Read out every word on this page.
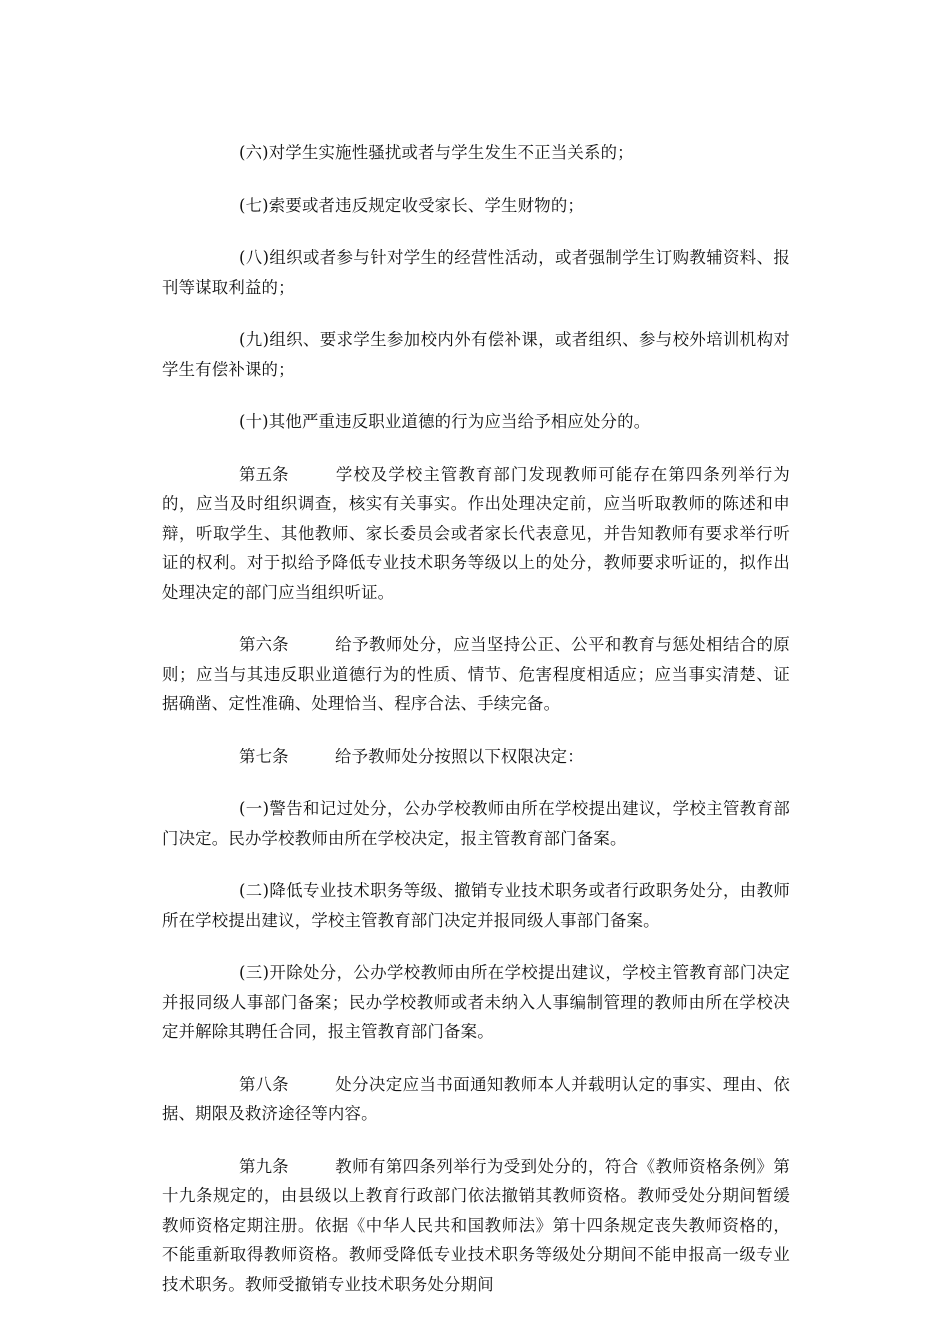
(六)对学生实施性骚扰或者与学生发生不正当关系的；

(七)索要或者违反规定收受家长、学生财物的；

(八)组织或者参与针对学生的经营性活动，或者强制学生订购教辅资料、报刊等谋取利益的；

(九)组织、要求学生参加校内外有偿补课，或者组织、参与校外培训机构对学生有偿补课的；

(十)其他严重违反职业道德的行为应当给予相应处分的。

第五条	学校及学校主管教育部门发现教师可能存在第四条列举行为的，应当及时组织调查，核实有关事实。作出处理决定前，应当听取教师的陈述和申辩，听取学生、其他教师、家长委员会或者家长代表意见，并告知教师有要求举行听证的权利。对于拟给予降低专业技术职务等级以上的处分，教师要求听证的，拟作出处理决定的部门应当组织听证。

第六条	给予教师处分，应当坚持公正、公平和教育与惩处相结合的原则；应当与其违反职业道德行为的性质、情节、危害程度相适应；应当事实清楚、证据确凿、定性准确、处理恰当、程序合法、手续完备。

第七条	给予教师处分按照以下权限决定：

(一)警告和记过处分，公办学校教师由所在学校提出建议，学校主管教育部门决定。民办学校教师由所在学校决定，报主管教育部门备案。

(二)降低专业技术职务等级、撤销专业技术职务或者行政职务处分，由教师所在学校提出建议，学校主管教育部门决定并报同级人事部门备案。

(三)开除处分，公办学校教师由所在学校提出建议，学校主管教育部门决定并报同级人事部门备案；民办学校教师或者未纳入人事编制管理的教师由所在学校决定并解除其聘任合同，报主管教育部门备案。

第八条	处分决定应当书面通知教师本人并载明认定的事实、理由、依据、期限及救济途径等内容。

第九条	教师有第四条列举行为受到处分的，符合《教师资格条例》第十九条规定的，由县级以上教育行政部门依法撤销其教师资格。教师受处分期间暂缓教师资格定期注册。依据《中华人民共和国教师法》第十四条规定丧失教师资格的，不能重新取得教师资格。教师受降低专业技术职务等级处分期间不能申报高一级专业技术职务。教师受撤销专业技术职务处分期间
